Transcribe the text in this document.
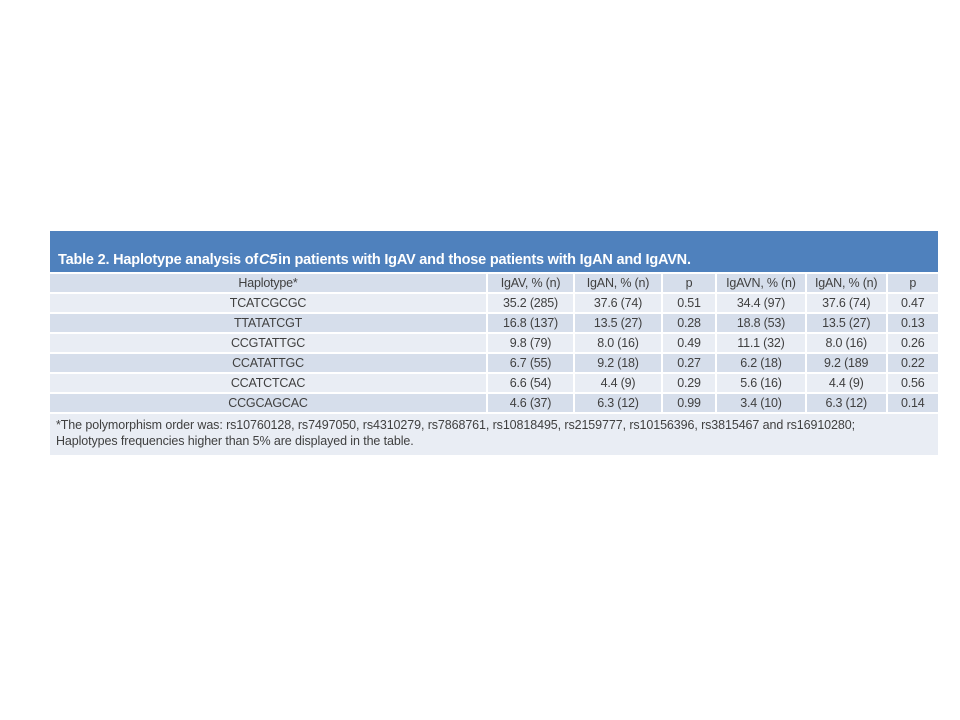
Table 2. Haplotype analysis of C5 in patients with IgAV and those patients with IgAN and IgAVN.
Haplotype*	IgAV, % (n)	IgAN, % (n)	p	IgAVN, % (n)	IgAN, % (n)	p
TCATCGCGC	35.2 (285)	37.6 (74)	0.51	34.4 (97)	37.6 (74)	0.47
TTATATCGT	16.8 (137)	13.5 (27)	0.28	18.8 (53)	13.5 (27)	0.13
CCGTATTGC	9.8 (79)	8.0 (16)	0.49	11.1 (32)	8.0 (16)	0.26
CCATATTGC	6.7 (55)	9.2 (18)	0.27	6.2 (18)	9.2 (189	0.22
CCATCTCAC	6.6 (54)	4.4 (9)	0.29	5.6 (16)	4.4 (9)	0.56
CCGCAGCAC	4.6 (37)	6.3 (12)	0.99	3.4 (10)	6.3 (12)	0.14
*The polymorphism order was: rs10760128, rs7497050, rs4310279, rs7868761, rs10818495, rs2159777, rs10156396, rs3815467 and rs16910280;
Haplotypes frequencies higher than 5% are displayed in the table.
